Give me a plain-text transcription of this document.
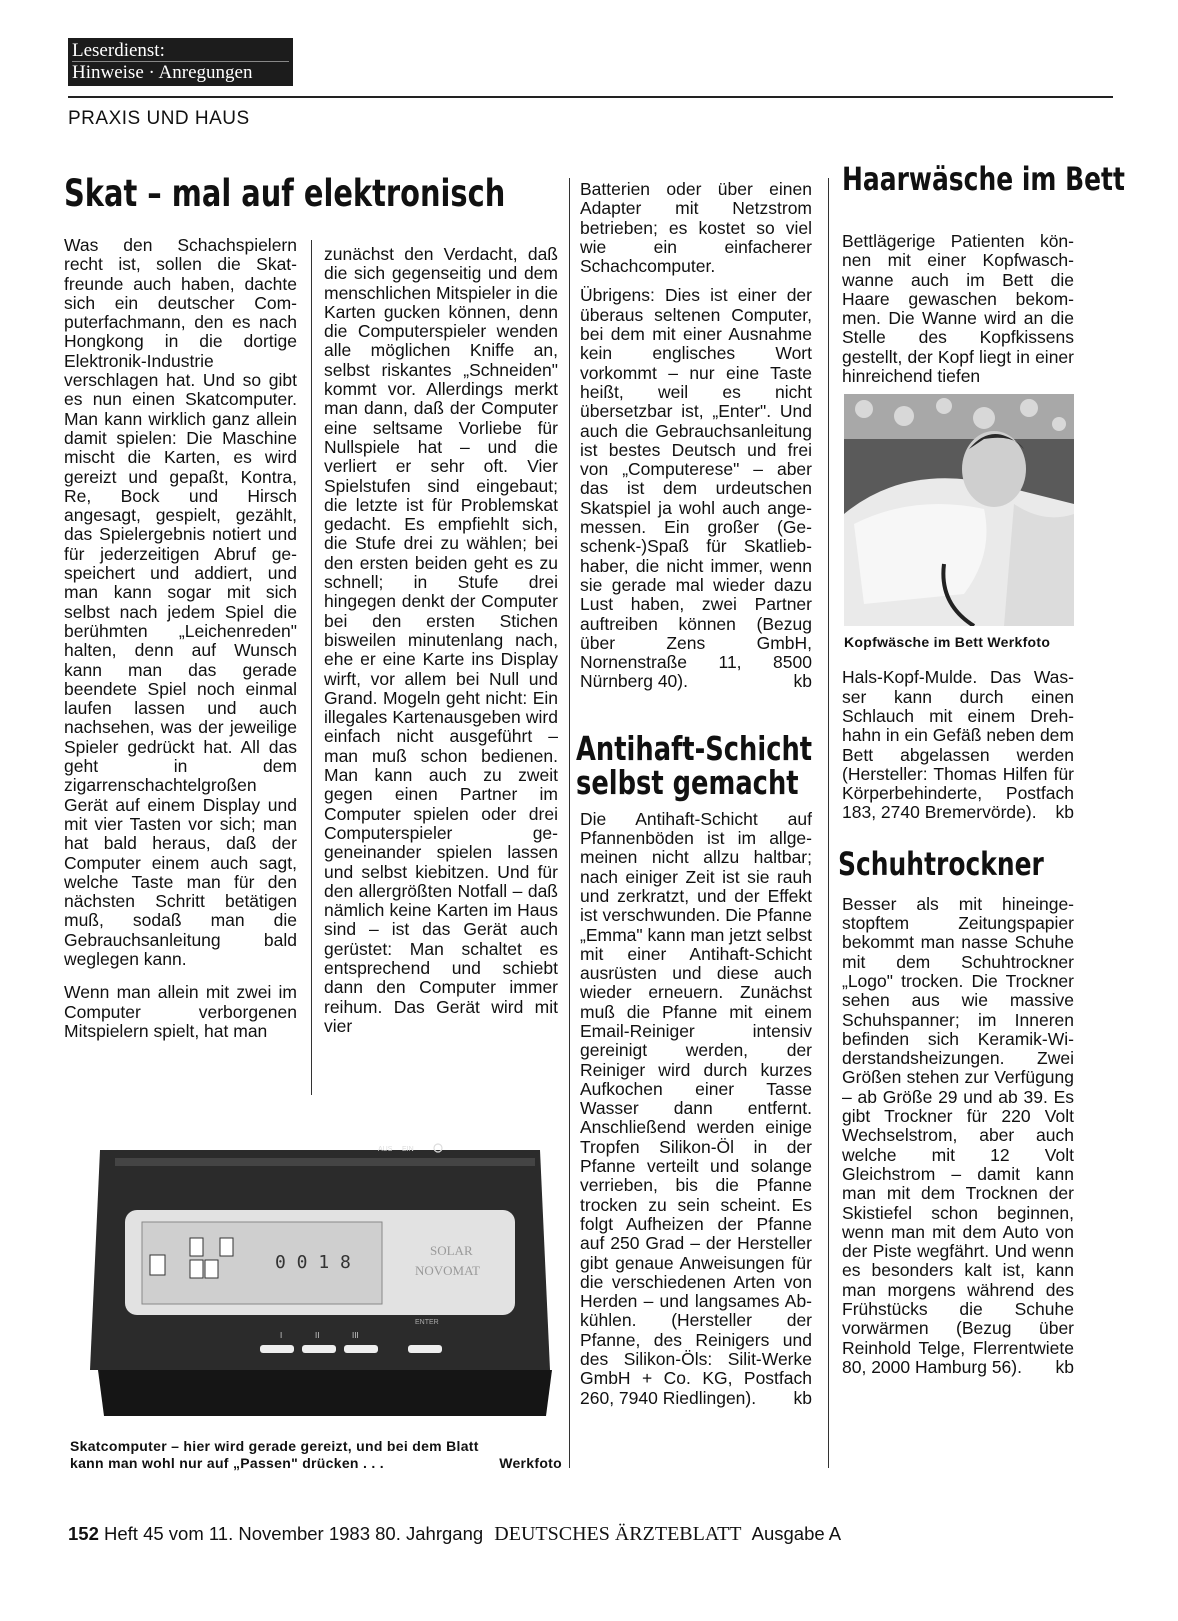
Leserdienst:
Hinweise · Anregungen
PRAXIS UND HAUS
Skat – mal auf elektronisch

Was den Schachspielern recht ist, sollen die Skatfreunde auch haben, dachte sich ein deutscher Computerfachmann, den es nach Hongkong in die dortige Elektronik-Industrie verschlagen hat. Und so gibt es nun einen Skatcomputer. Man kann wirklich ganz allein damit spielen: Die Maschine mischt die Karten, es wird gereizt und gepaßt, Kontra, Re, Bock und Hirsch angesagt, gespielt, gezählt, das Spielergebnis notiert und für jederzeitigen Abruf gespeichert und addiert, und man kann sogar mit sich selbst nach jedem Spiel die berühmten „Leichenreden" halten, denn auf Wunsch kann man das gerade beendete Spiel noch einmal laufen lassen und auch nachsehen, was der jeweilige Spieler gedrückt hat. All das geht in dem zigarrenschachtelgroßen Gerät auf einem Display und mit vier Tasten vor sich; man hat bald heraus, daß der Computer einem auch sagt, welche Taste man für den nächsten Schritt betätigen muß, sodaß man die Gebrauchsanleitung bald weglegen kann.

Wenn man allein mit zwei im Computer verborgenen Mitspielern spielt, hat man

zunächst den Verdacht, daß die sich gegenseitig und dem menschlichen Mitspieler in die Karten gucken können, denn die Computerspieler wenden alle möglichen Kniffe an, selbst riskantes „Schneiden" kommt vor. Allerdings merkt man dann, daß der Computer eine seltsame Vorliebe für Nullspiele hat – und die verliert er sehr oft. Vier Spielstufen sind eingebaut; die letzte ist für Problemskat gedacht. Es empfiehlt sich, die Stufe drei zu wählen; bei den ersten beiden geht es zu schnell; in Stufe drei hingegen denkt der Computer bei den ersten Stichen bisweilen minutenlang nach, ehe er eine Karte ins Display wirft, vor allem bei Null und Grand. Mogeln geht nicht: Ein illegales Kartenausgeben wird einfach nicht ausgeführt – man muß schon bedienen. Man kann auch zu zweit gegen einen Partner im Computer spielen oder drei Computerspieler gegeneinander spielen lassen und selbst kiebitzen. Und für den allergrößten Notfall – daß nämlich keine Karten im Haus sind – ist das Gerät auch gerüstet: Man schaltet es entsprechend und schiebt dann den Computer immer reihum. Das Gerät wird mit vier

Batterien oder über einen Adapter mit Netzstrom betrieben; es kostet so viel wie ein einfacherer Schachcomputer.

Übrigens: Dies ist einer der überaus seltenen Computer, bei dem mit einer Ausnahme kein englisches Wort vorkommt – nur eine Taste heißt, weil es nicht übersetzbar ist, „Enter". Und auch die Gebrauchsanleitung ist bestes Deutsch und frei von „Computerese" – aber das ist dem urdeutschen Skatspiel ja wohl auch angemessen. Ein großer (Geschenk-)Spaß für Skatliebhaber, die nicht immer, wenn sie gerade mal wieder dazu Lust haben, zwei Partner auftreiben können (Bezug über Zens GmbH, Nornenstraße 11, 8500 Nürnberg 40).	kb

Antihaft-Schicht
selbst gemacht

Die Antihaft-Schicht auf Pfannenböden ist im allgemeinen nicht allzu haltbar; nach einiger Zeit ist sie rauh und zerkratzt, und der Effekt ist verschwunden. Die Pfanne „Emma" kann man jetzt selbst mit einer Antihaft-Schicht ausrüsten und diese auch wieder erneuern. Zunächst muß die Pfanne mit einem Email-Reiniger intensiv gereinigt werden, der Reiniger wird durch kurzes Aufkochen einer Tasse Wasser dann entfernt. Anschließend werden einige Tropfen Silikon-Öl in der Pfanne verteilt und solange verrieben, bis die Pfanne trocken zu sein scheint. Es folgt Aufheizen der Pfanne auf 250 Grad – der Hersteller gibt genaue Anweisungen für die verschiedenen Arten von Herden – und langsames Abkühlen. (Hersteller der Pfanne, des Reinigers und des Silikon-Öls: Silit-Werke GmbH + Co. KG, Postfach 260, 7940 Riedlingen). kb

Haarwäsche im Bett

Bettlägerige Patienten können mit einer Kopfwaschwanne auch im Bett die Haare gewaschen bekommen. Die Wanne wird an die Stelle des Kopfkissens gestellt, der Kopf liegt in einer hinreichend tiefen

Hals-Kopf-Mulde. Das Wasser kann durch einen Schlauch mit einem Drehhahn in ein Gefäß neben dem Bett abgelassen werden (Hersteller: Thomas Hilfen für Körperbehinderte, Postfach 183, 2740 Bremervörde). kb

Schuhtrockner

Besser als mit hineingestopftem Zeitungspapier bekommt man nasse Schuhe mit dem Schuhtrockner „Logo" trocken. Die Trockner sehen aus wie massive Schuhspanner; im Inneren befinden sich Keramik-Widerstandsheizungen. Zwei Größen stehen zur Verfügung – ab Größe 29 und ab 39. Es gibt Trockner für 220 Volt Wechselstrom, aber auch welche mit 12 Volt Gleichstrom – damit kann man mit dem Trocknen der Skistiefel schon beginnen, wenn man mit dem Auto von der Piste wegfährt. Und wenn es besonders kalt ist, kann man morgens während des Frühstücks die Schuhe vorwärmen (Bezug über Reinhold Telge, Flerrentwiete 80, 2000 Hamburg 56). kb

Kopfwäsche im Bett Werkfoto
AUS EIN
0 0 1 8
SOLAR
NOVOMAT
ENTER
I	II	III
Skatcomputer – hier wird gerade gereizt, und bei dem Blatt
kann man wohl nur auf „Passen" drücken . . .	Werkfoto
152 Heft 45 vom 11. November 1983 80. Jahrgang DEUTSCHES ÄRZTEBLATT Ausgabe A
